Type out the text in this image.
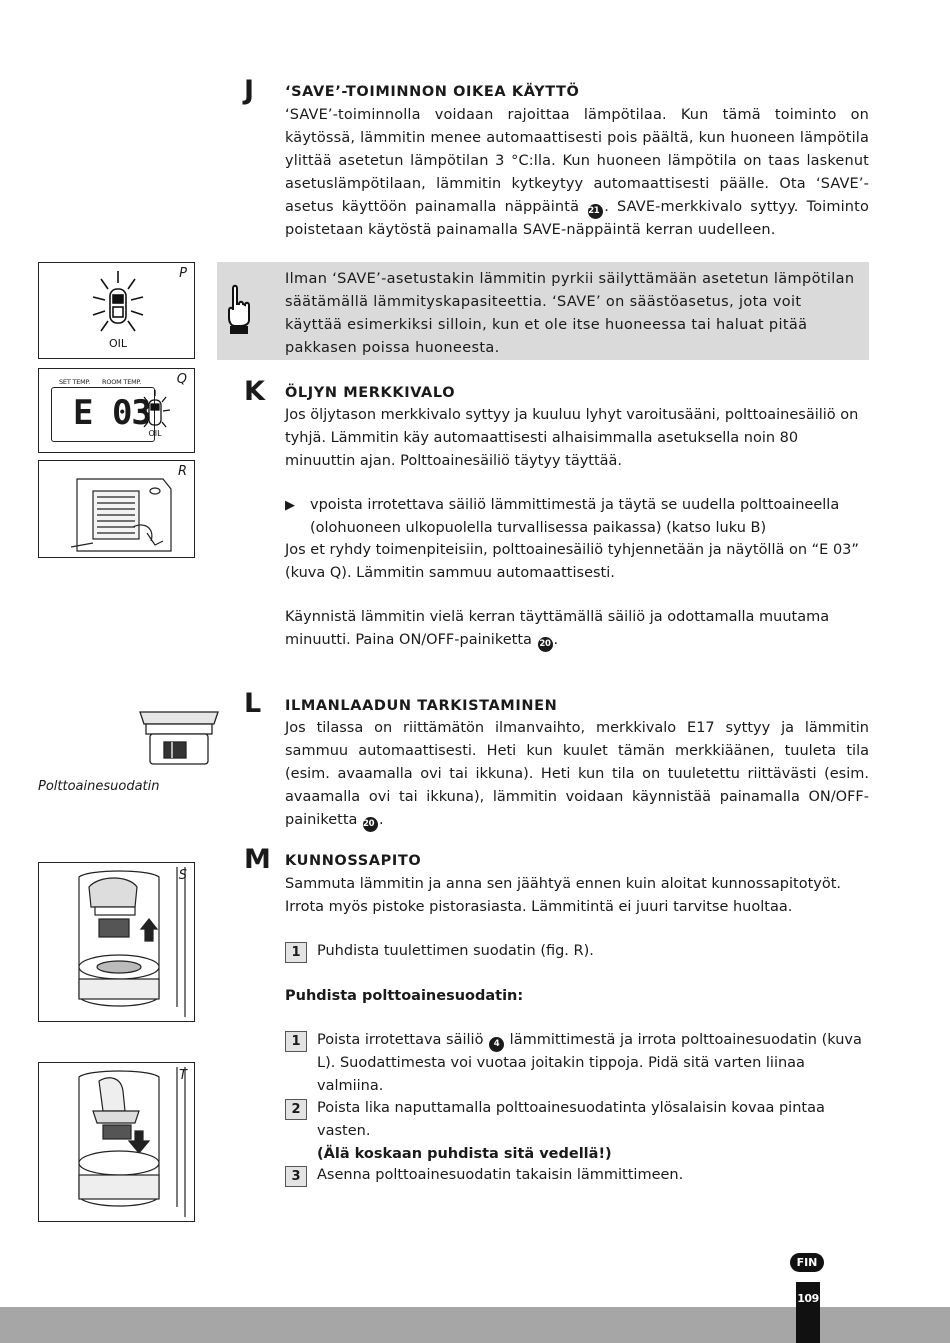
J ‘SAVE’-TOIMINNON OIKEA KÄYTTÖ
‘SAVE’-toiminnolla voidaan rajoittaa lämpötilaa. Kun tämä toiminto on käytössä, lämmitin menee automaattisesti pois päältä, kun huoneen lämpötila ylittää asetetun lämpötilan 3 °C:lla. Kun huoneen lämpötila on taas laskenut asetuslämpötilaan, lämmitin kytkeytyy automaattisesti päälle. Ota ‘SAVE’-asetus käyttöön painamalla näppäintä 21 . SAVE-merkkivalo syttyy. Toiminto poistetaan käytöstä painamalla SAVE-näppäintä kerran uudelleen.
Ilman ‘SAVE’-asetustakin lämmitin pyrkii säilyttämään asetetun lämpötilan säätämällä lämmityskapasiteettia. ‘SAVE’ on säästöasetus, jota voit käyttää esimerkiksi silloin, kun et ole itse huoneessa tai haluat pitää pakkasen poissa huoneesta.
K ÖLJYN MERKKIVALO
Jos öljytason merkkivalo syttyy ja kuuluu lyhyt varoitusääni, polttoainesäiliö on tyhjä. Lämmitin käy automaattisesti alhaisimmalla asetuksella noin 80 minuuttin ajan. Polttoainesäiliö täytyy täyttää.
▶ vpoista irrotettava säiliö lämmittimestä ja täytä se uudella polttoaineella (olohuoneen ulkopuolella turvallisessa paikassa) (katso luku B)
Jos et ryhdy toimenpiteisiin, polttoainesäiliö tyhjennetään ja näytöllä on “E 03” (kuva Q). Lämmitin sammuu automaattisesti.
Käynnistä lämmitin vielä kerran täyttämällä säiliö ja odottamalla muutama minuutti. Paina ON/OFF-painiketta 20 .
L ILMANLAADUN TARKISTAMINEN
Jos tilassa on riittämätön ilmanvaihto, merkkivalo E17 syttyy ja lämmitin sammuu automaattisesti. Heti kun kuulet tämän merkkiäänen, tuuleta tila (esim. avaamalla ovi tai ikkuna). Heti kun tila on tuuletettu riittävästi (esim. avaamalla ovi tai ikkuna), lämmitin voidaan käynnistää painamalla ON/OFF-painiketta 20 .
M KUNNOSSAPITO
Sammuta lämmitin ja anna sen jäähtyä ennen kuin aloitat kunnossapitotyöt. Irrota myös pistoke pistorasiasta. Lämmitintä ei juuri tarvitse huoltaa.
1	Puhdista tuulettimen suodatin (fig. R).
Puhdista polttoainesuodatin:
1	Poista irrotettava säiliö 4 lämmittimestä ja irrota polttoainesuodatin (kuva L). Suodattimesta voi vuotaa joitakin tippoja. Pidä sitä varten liinaa valmiina.
2	Poista lika naputtamalla polttoainesuodatinta ylösalaisin kovaa pintaa vasten.
(Älä koskaan puhdista sitä vedellä!)
3	Asenna polttoainesuodatin takaisin lämmittimeen.
P
OIL
Q
SET TEMP. ROOM TEMP.
E 03
OIL
R
Polttoainesuodatin
S
T
FIN
109
